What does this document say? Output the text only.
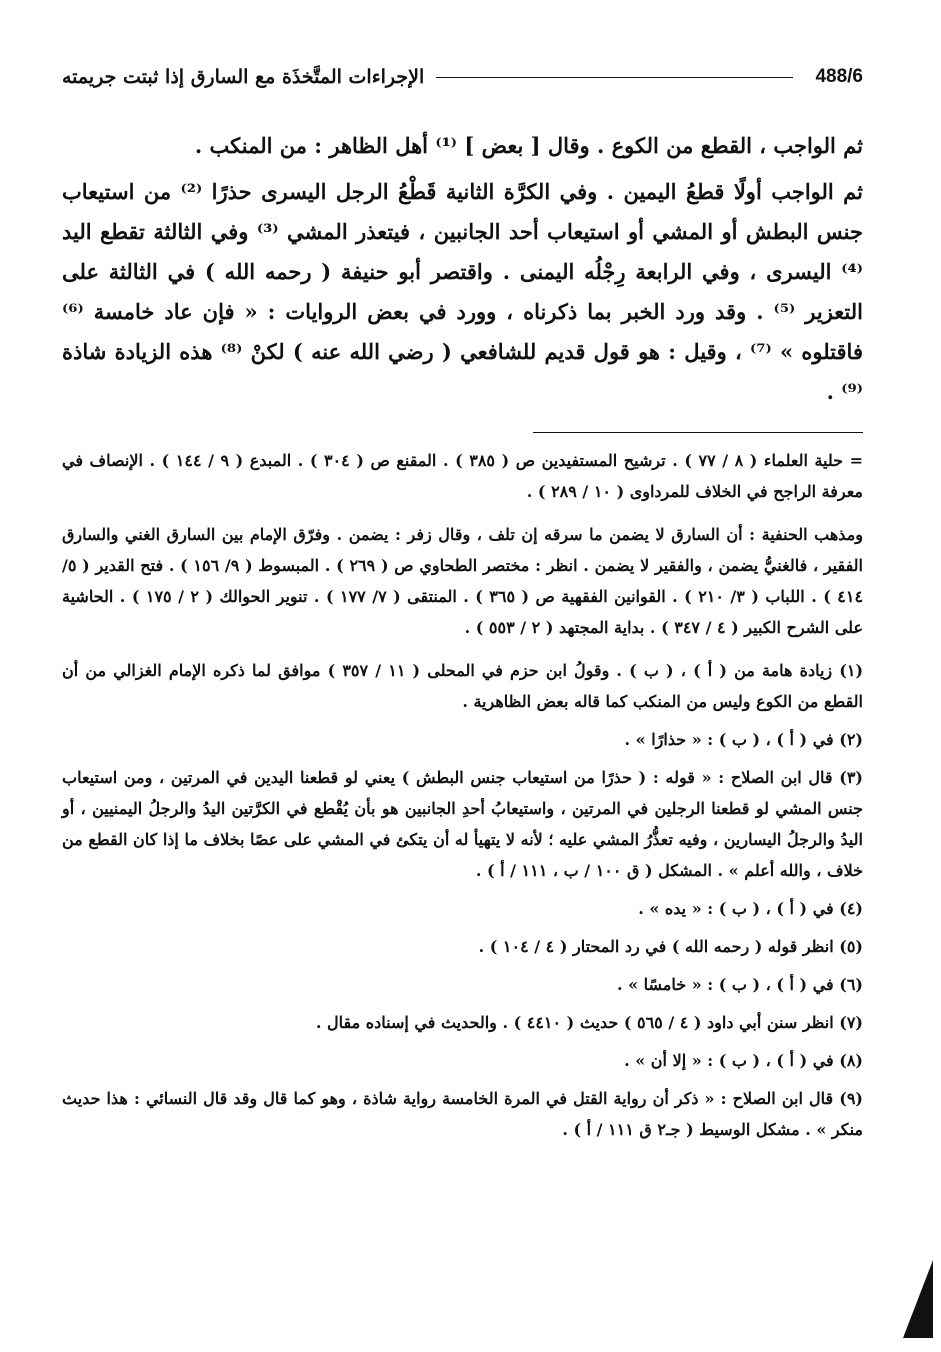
488/6
الإجراءات المتَّخذَة مع السارق إذا ثبتت جريمته

ثم الواجب ، القطع من الكوع . وقال [ بعض ] ⁽¹⁾ أهل الظاهر : من المنكب .

ثم الواجب أولًا قطعُ اليمين . وفي الكرَّة الثانية قَطْعُ الرجل اليسرى حذرًا ⁽²⁾ من استيعاب جنس البطش أو المشي أو استيعاب أحد الجانبين ، فيتعذر المشي ⁽³⁾ وفي الثالثة تقطع اليد ⁽⁴⁾ اليسرى ، وفي الرابعة رِجْلُه اليمنى . واقتصر أبو حنيفة ( رحمه الله ) في الثالثة على التعزير ⁽⁵⁾ . وقد ورد الخبر بما ذكرناه ، وورد في بعض الروايات : « فإن عاد خامسة ⁽⁶⁾ فاقتلوه » ⁽⁷⁾ ، وقيل : هو قول قديم للشافعي ( رضي الله عنه ) لكنْ ⁽⁸⁾ هذه الزيادة شاذة ⁽⁹⁾ .

= حلية العلماء ( ٨ / ٧٧ ) . ترشيح المستفيدين ص ( ٣٨٥ ) . المقنع ص ( ٣٠٤ ) . المبدع ( ٩ / ١٤٤ ) . الإنصاف في معرفة الراجح في الخلاف للمرداوى ( ١٠ / ٢٨٩ ) .

ومذهب الحنفية : أن السارق لا يضمن ما سرقه إن تلف ، وقال زفر : يضمن . وفرّق الإمام بين السارق الغني والسارق الفقير ، فالغنيُّ يضمن ، والفقير لا يضمن . انظر : مختصر الطحاوي ص ( ٢٦٩ ) . المبسوط ( ٩/ ١٥٦ ) . فتح القدير ( ٥/ ٤١٤ ) . اللباب ( ٣/ ٢١٠ ) . القوانين الفقهية ص ( ٣٦٥ ) . المنتقى ( ٧/ ١٧٧ ) . تنوير الحوالك ( ٢ / ١٧٥ ) . الحاشية على الشرح الكبير ( ٤ / ٣٤٧ ) . بداية المجتهد ( ٢ / ٥٥٣ ) .

(١) زيادة هامة من ( أ ) ، ( ب ) . وقولُ ابن حزم في المحلى ( ١١ / ٣٥٧ ) موافق لما ذكره الإمام الغزالي من أن القطع من الكوع وليس من المنكب كما قاله بعض الظاهرية .

(٢) في ( أ ) ، ( ب ) : « حذارًا » .

(٣) قال ابن الصلاح : « قوله : ( حذرًا من استيعاب جنس البطش ) يعني لو قطعنا اليدين في المرتين ، ومن استيعاب جنس المشي لو قطعنا الرجلين في المرتين ، واستيعابُ أحدِ الجانبين هو بأن يُقْطع في الكرَّتين اليدُ والرجلُ اليمنيين ، أو اليدُ والرجلُ اليسارين ، وفيه تعذُّرُ المشي عليه ؛ لأنه لا يتهيأ له أن يتكئ في المشي على عصًا بخلاف ما إذا كان القطع من خلاف ، والله أعلم » . المشكل ( ق ١٠٠ / ب ، ١١١ / أ ) .

(٤) في ( أ ) ، ( ب ) : « يده » .

(٥) انظر قوله ( رحمه الله ) في رد المحتار ( ٤ / ١٠٤ ) .

(٦) في ( أ ) ، ( ب ) : « خامسًا » .

(٧) انظر سنن أبي داود ( ٤ / ٥٦٥ ) حديث ( ٤٤١٠ ) . والحديث في إسناده مقال .

(٨) في ( أ ) ، ( ب ) : « إلا أن » .

(٩) قال ابن الصلاح : « ذكر أن رواية القتل في المرة الخامسة رواية شاذة ، وهو كما قال وقد قال النسائي : هذا حديث منكر » . مشكل الوسيط ( جـ٢ ق ١١١ / أ ) .
